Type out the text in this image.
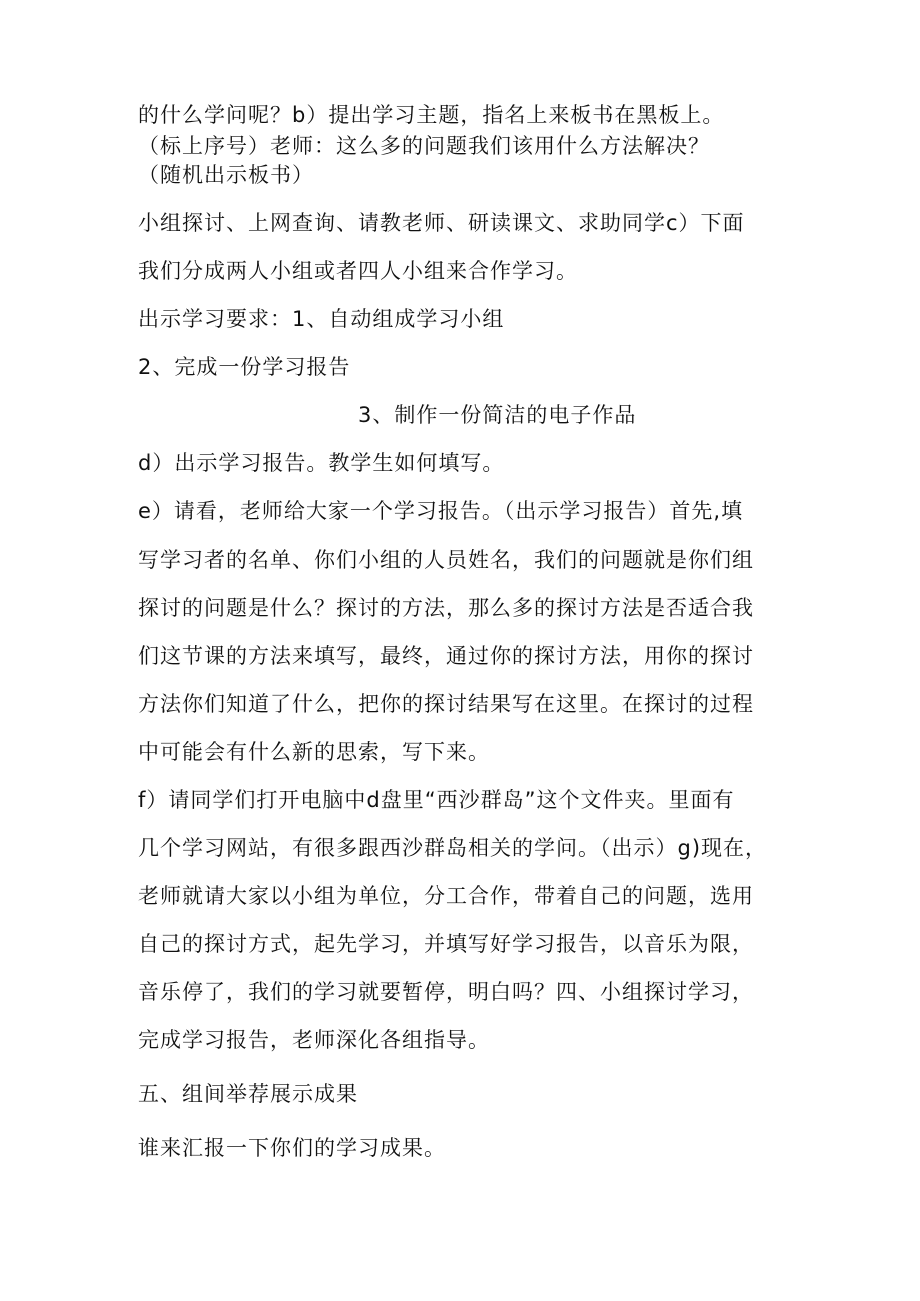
的什么学问呢？b）提出学习主题，指名上来板书在黑板上。
（标上序号）老师：这么多的问题我们该用什么方法解决？
（随机出示板书）
小组探讨、上网查询、请教老师、研读课文、求助同学c）下面
我们分成两人小组或者四人小组来合作学习。
出示学习要求：1、自动组成学习小组
2、完成一份学习报告
3、制作一份简洁的电子作品
d）出示学习报告。教学生如何填写。
e）请看，老师给大家一个学习报告。（出示学习报告）首先,填
写学习者的名单、你们小组的人员姓名，我们的问题就是你们组
探讨的问题是什么？探讨的方法，那么多的探讨方法是否适合我
们这节课的方法来填写，最终，通过你的探讨方法，用你的探讨
方法你们知道了什么，把你的探讨结果写在这里。在探讨的过程
中可能会有什么新的思索，写下来。
f）请同学们打开电脑中d盘里“西沙群岛”这个文件夹。里面有
几个学习网站，有很多跟西沙群岛相关的学问。（出示）g)现在，
老师就请大家以小组为单位，分工合作，带着自己的问题，选用
自己的探讨方式，起先学习，并填写好学习报告，以音乐为限，
音乐停了，我们的学习就要暂停，明白吗？四、小组探讨学习，
完成学习报告，老师深化各组指导。
五、组间举荐展示成果
谁来汇报一下你们的学习成果。
